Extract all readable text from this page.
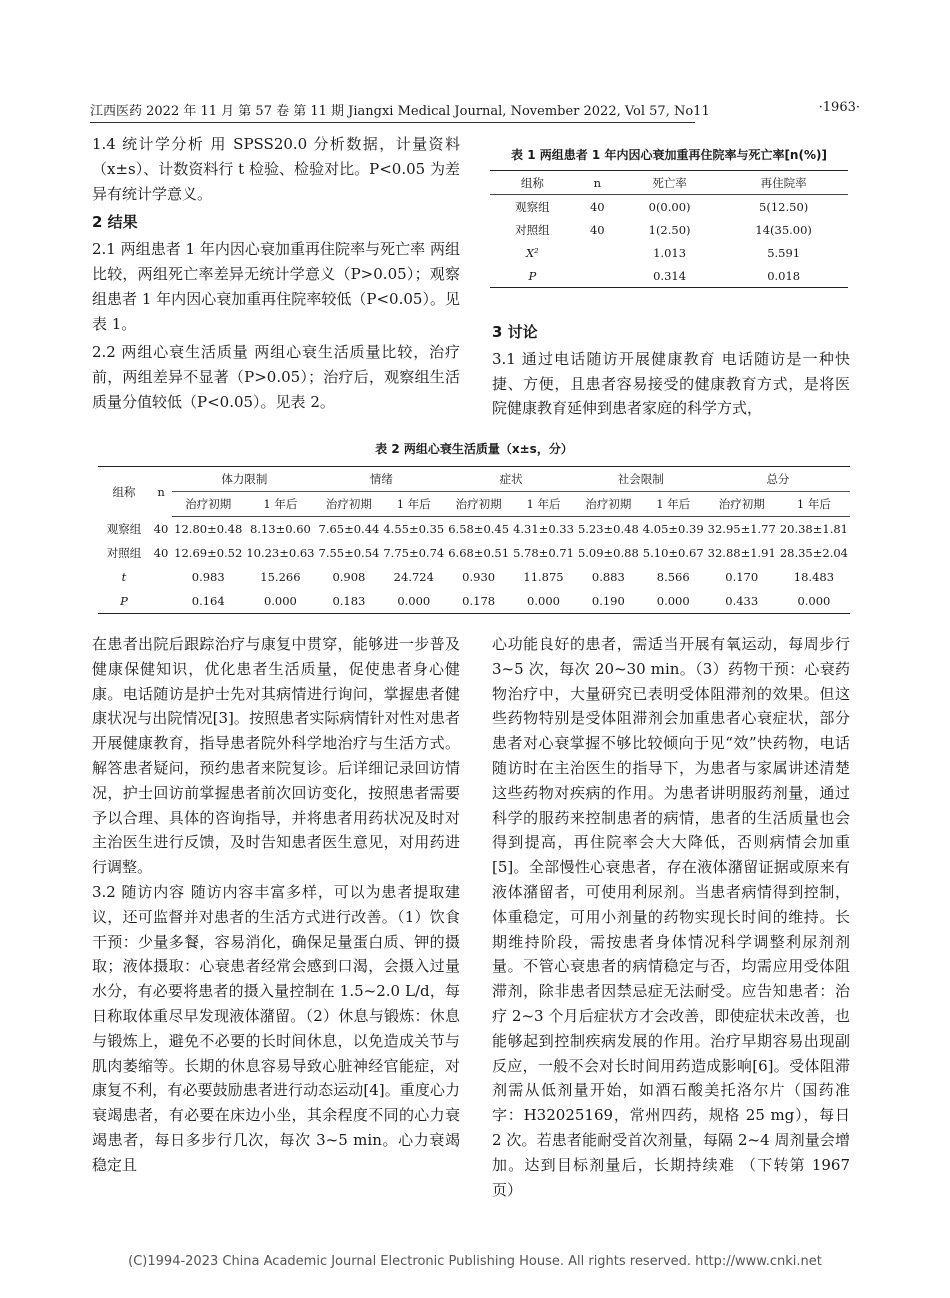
江西医药 2022 年 11 月 第 57 卷 第 11 期 Jiangxi Medical Journal, November 2022, Vol 57, No11	·1963·

1.4 统计学分析 用 SPSS20.0 分析数据，计量资料（x±s）、计数资料行 t 检验、检验对比。P<0.05 为差异有统计学意义。

2 结果

2.1 两组患者 1 年内因心衰加重再住院率与死亡率 两组比较，两组死亡率差异无统计学意义（P>0.05）；观察组患者 1 年内因心衰加重再住院率较低（P<0.05）。见表 1。

2.2 两组心衰生活质量 两组心衰生活质量比较，治疗前，两组差异不显著（P>0.05）；治疗后，观察组生活质量分值较低（P<0.05）。见表 2。

表 1 两组患者 1 年内因心衰加重再住院率与死亡率[n(%)]
组称	n	死亡率	再住院率
观察组	40	0(0.00)	5(12.50)
对照组	40	1(2.50)	14(35.00)
X²		1.013	5.591
P		0.314	0.018
3 讨论

3.1 通过电话随访开展健康教育 电话随访是一种快捷、方便，且患者容易接受的健康教育方式，是将医院健康教育延伸到患者家庭的科学方式，

表 2 两组心衰生活质量（x±s，分）
组称	n	体力限制		情绪		症状		社会限制		总分	
		治疗初期	1 年后	治疗初期	1 年后	治疗初期	1 年后	治疗初期	1 年后	治疗初期	1 年后
观察组	40	12.80±0.48	8.13±0.60	7.65±0.44	4.55±0.35	6.58±0.45	4.31±0.33	5.23±0.48	4.05±0.39	32.95±1.77	20.38±1.81
对照组	40	12.69±0.52	10.23±0.63	7.55±0.54	7.75±0.74	6.68±0.51	5.78±0.71	5.09±0.88	5.10±0.67	32.88±1.91	28.35±2.04
t		0.983	15.266	0.908	24.724	0.930	11.875	0.883	8.566	0.170	18.483
P		0.164	0.000	0.183	0.000	0.178	0.000	0.190	0.000	0.433	0.000

在患者出院后跟踪治疗与康复中贯穿，能够进一步普及健康保健知识，优化患者生活质量，促使患者身心健康。电话随访是护士先对其病情进行询问，掌握患者健康状况与出院情况[3]。按照患者实际病情针对性对患者开展健康教育，指导患者院外科学地治疗与生活方式。解答患者疑问，预约患者来院复诊。后详细记录回访情况，护士回访前掌握患者前次回访变化，按照患者需要予以合理、具体的咨询指导，并将患者用药状况及时对主治医生进行反馈，及时告知患者医生意见，对用药进行调整。

3.2 随访内容 随访内容丰富多样，可以为患者提取建议，还可监督并对患者的生活方式进行改善。（1）饮食干预：少量多餐，容易消化，确保足量蛋白质、钾的摄取；液体摄取：心衰患者经常会感到口渴，会摄入过量水分，有必要将患者的摄入量控制在 1.5~2.0 L/d，每日称取体重尽早发现液体潴留。（2）休息与锻炼：休息与锻炼上，避免不必要的长时间休息，以免造成关节与肌肉萎缩等。长期的休息容易导致心脏神经官能症，对康复不利，有必要鼓励患者进行动态运动[4]。重度心力衰竭患者，有必要在床边小坐，其余程度不同的心力衰竭患者，每日多步行几次，每次 3~5 min。心力衰竭稳定且

心功能良好的患者，需适当开展有氧运动，每周步行 3~5 次，每次 20~30 min。（3）药物干预：心衰药物治疗中，大量研究已表明受体阻滞剂的效果。但这些药物特别是受体阻滞剂会加重患者心衰症状，部分患者对心衰掌握不够比较倾向于见“效”快药物，电话随访时在主治医生的指导下，为患者与家属讲述清楚这些药物对疾病的作用。为患者讲明服药剂量，通过科学的服药来控制患者的病情，患者的生活质量也会得到提高，再住院率会大大降低，否则病情会加重[5]。全部慢性心衰患者，存在液体潴留证据或原来有液体潴留者，可使用利尿剂。当患者病情得到控制，体重稳定，可用小剂量的药物实现长时间的维持。长期维持阶段，需按患者身体情况科学调整利尿剂剂量。不管心衰患者的病情稳定与否，均需应用受体阻滞剂，除非患者因禁忌症无法耐受。应告知患者：治疗 2~3 个月后症状方才会改善，即使症状未改善，也能够起到控制疾病发展的作用。治疗早期容易出现副反应，一般不会对长时间用药造成影响[6]。受体阻滞剂需从低剂量开始，如酒石酸美托洛尔片（国药准字：H32025169，常州四药，规格 25 mg），每日 2 次。若患者能耐受首次剂量，每隔 2~4 周剂量会增加。达到目标剂量后，长期持续难 （下转第 1967 页）

(C)1994-2023 China Academic Journal Electronic Publishing House. All rights reserved. http://www.cnki.net
